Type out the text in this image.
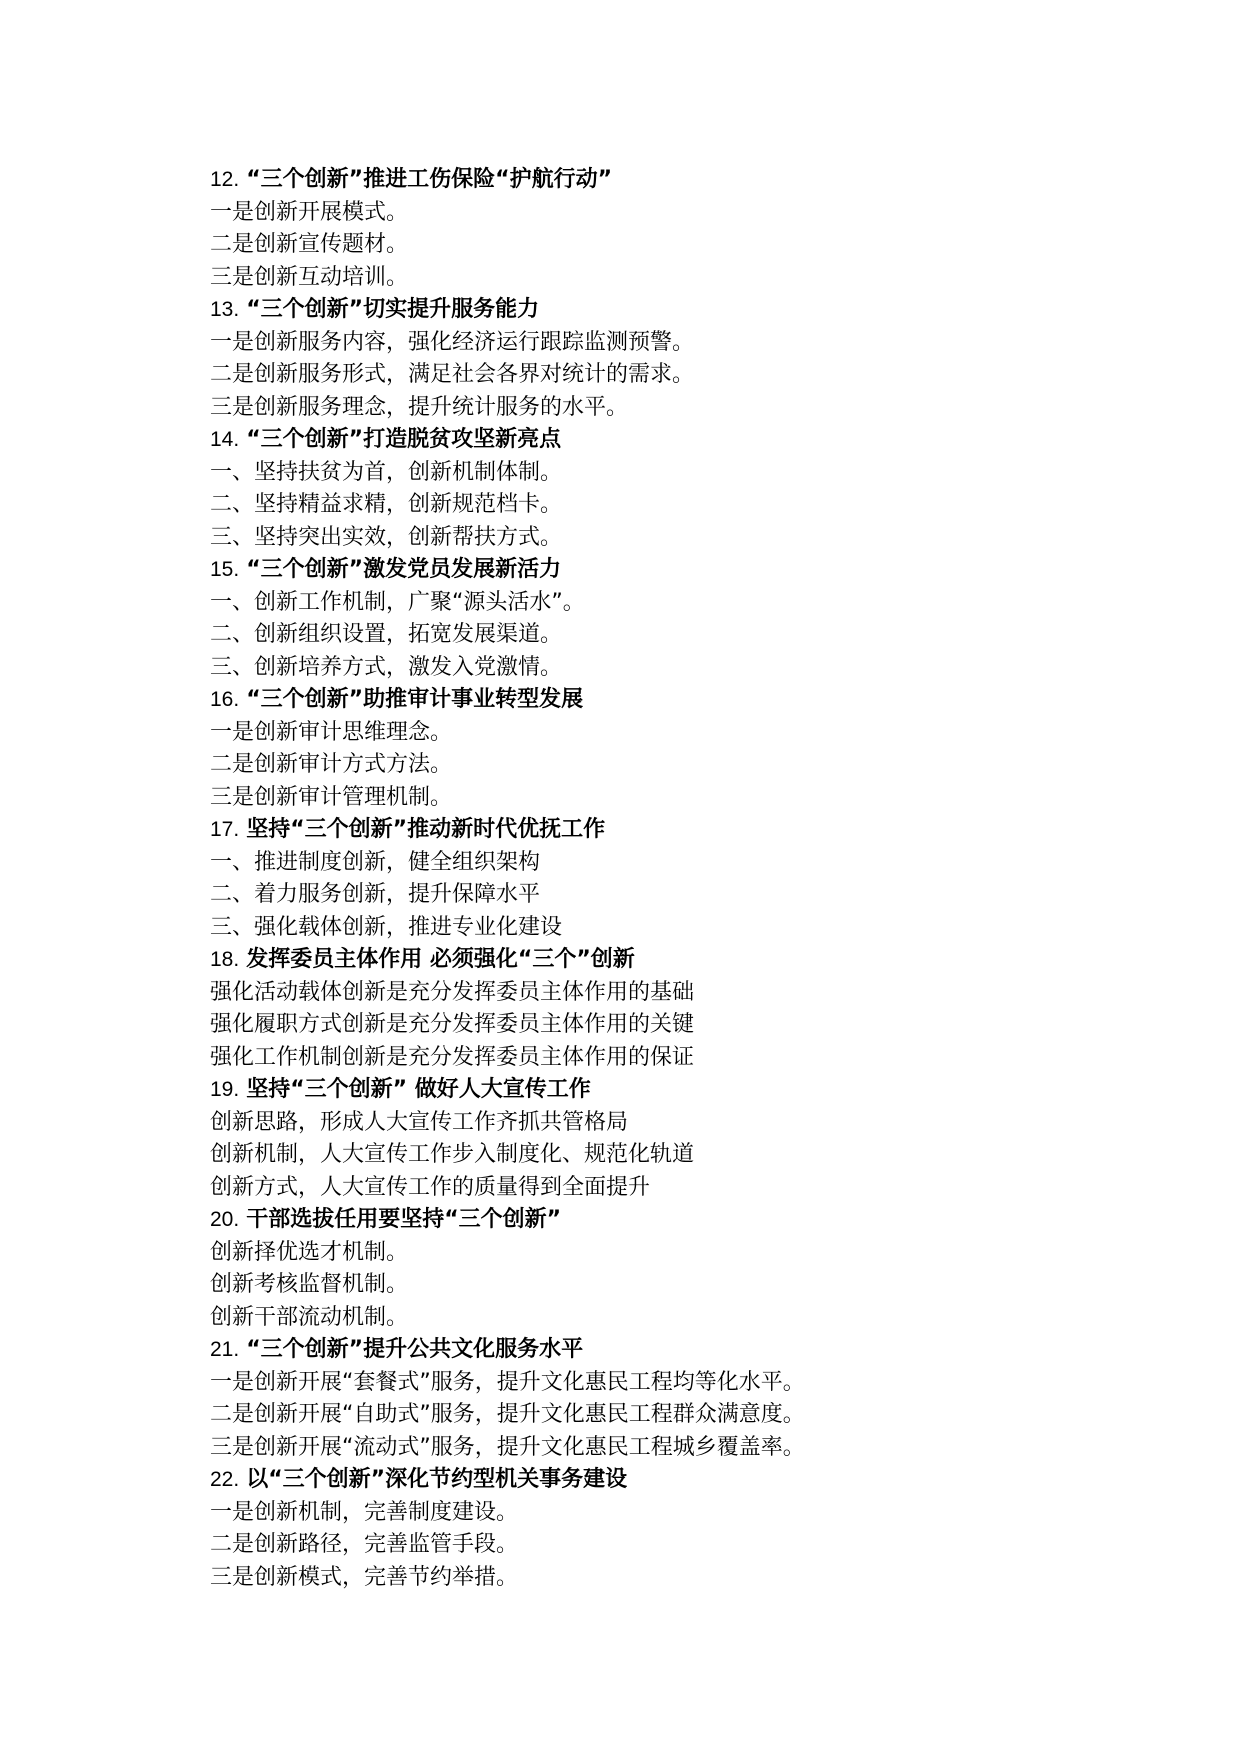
12. “三个创新”推进工伤保险“护航行动”
一是创新开展模式。
二是创新宣传题材。
三是创新互动培训。
13. “三个创新”切实提升服务能力
一是创新服务内容，强化经济运行跟踪监测预警。
二是创新服务形式，满足社会各界对统计的需求。
三是创新服务理念，提升统计服务的水平。
14. “三个创新”打造脱贫攻坚新亮点
一、坚持扶贫为首，创新机制体制。
二、坚持精益求精，创新规范档卡。
三、坚持突出实效，创新帮扶方式。
15. “三个创新”激发党员发展新活力
一、创新工作机制，广聚“源头活水”。
二、创新组织设置，拓宽发展渠道。
三、创新培养方式，激发入党激情。
16. “三个创新”助推审计事业转型发展
一是创新审计思维理念。
二是创新审计方式方法。
三是创新审计管理机制。
17. 坚持“三个创新”推动新时代优抚工作
一、推进制度创新，健全组织架构
二、着力服务创新，提升保障水平
三、强化载体创新，推进专业化建设
18. 发挥委员主体作用 必须强化“三个”创新
强化活动载体创新是充分发挥委员主体作用的基础
强化履职方式创新是充分发挥委员主体作用的关键
强化工作机制创新是充分发挥委员主体作用的保证
19. 坚持“三个创新” 做好人大宣传工作
创新思路，形成人大宣传工作齐抓共管格局
创新机制，人大宣传工作步入制度化、规范化轨道
创新方式，人大宣传工作的质量得到全面提升
20. 干部选拔任用要坚持“三个创新”
创新择优选才机制。
创新考核监督机制。
创新干部流动机制。
21. “三个创新”提升公共文化服务水平
一是创新开展“套餐式”服务，提升文化惠民工程均等化水平。
二是创新开展“自助式”服务，提升文化惠民工程群众满意度。
三是创新开展“流动式”服务，提升文化惠民工程城乡覆盖率。
22. 以“三个创新”深化节约型机关事务建设
一是创新机制，完善制度建设。
二是创新路径，完善监管手段。
三是创新模式，完善节约举措。
